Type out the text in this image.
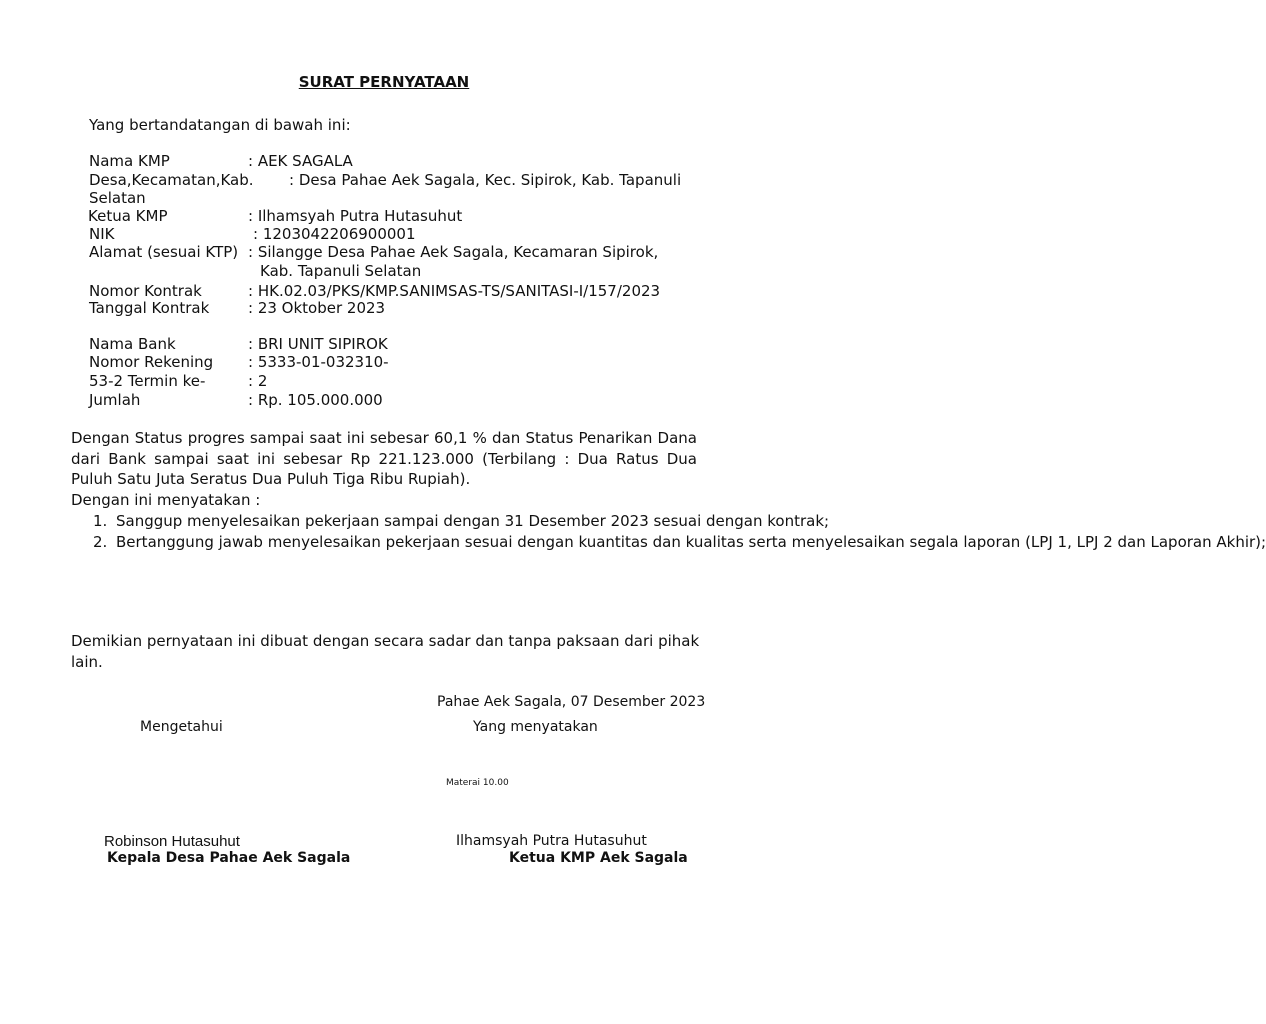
SURAT PERNYATAAN
Yang bertandatangan di bawah ini:
Nama KMP	: AEK SAGALA
Desa,Kecamatan,Kab. : Desa Pahae Aek Sagala, Kec. Sipirok, Kab. Tapanuli
Selatan
Ketua KMP	: Ilhamsyah Putra Hutasuhut
NIK	: 1203042206900001
Alamat (sesuai KTP) : Silangge Desa Pahae Aek Sagala, Kecamaran Sipirok,
Kab. Tapanuli Selatan
Nomor Kontrak	: HK.02.03/PKS/KMP.SANIMSAS-TS/SANITASI-I/157/2023
Tanggal Kontrak	: 23 Oktober 2023
Nama Bank	: BRI UNIT SIPIROK
Nomor Rekening : 5333-01-032310-
53-2 Termin ke-	: 2
Jumlah	: Rp. 105.000.000
Dengan Status progres sampai saat ini sebesar 60,1 % dan Status Penarikan Dana dari Bank sampai saat ini sebesar Rp 221.123.000 (Terbilang : Dua Ratus Dua Puluh Satu Juta Seratus Dua Puluh Tiga Ribu Rupiah).
Dengan ini menyatakan :
1. Sanggup menyelesaikan pekerjaan sampai dengan 31 Desember 2023 sesuai dengan kontrak;
2. Bertanggung jawab menyelesaikan pekerjaan sesuai dengan kuantitas dan kualitas serta menyelesaikan segala laporan (LPJ 1, LPJ 2 dan Laporan Akhir);
Demikian pernyataan ini dibuat dengan secara sadar dan tanpa paksaan dari pihak lain.
Pahae Aek Sagala, 07 Desember 2023
Mengetahui	Yang menyatakan
Materai 10.00
Robinson Hutasuhut
Kepala Desa Pahae Aek Sagala
Ilhamsyah Putra Hutasuhut
Ketua KMP Aek Sagala
